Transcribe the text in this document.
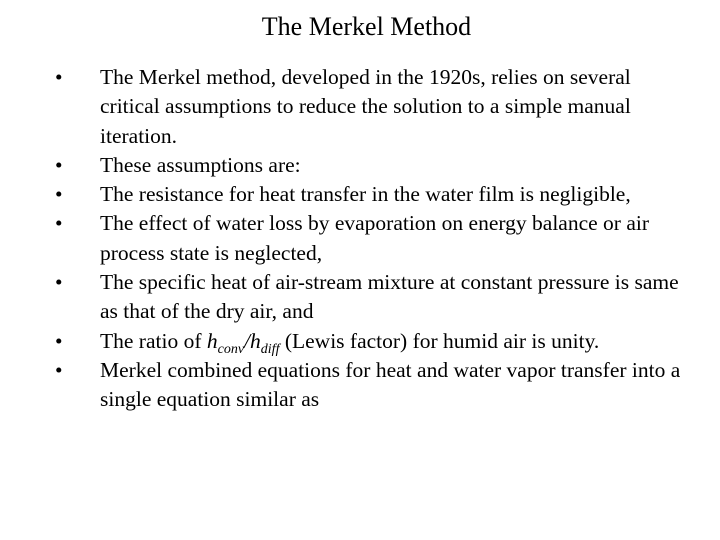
The Merkel Method
•	The Merkel method, developed in the 1920s, relies on several critical assumptions to reduce the solution to a simple manual iteration.
•	These assumptions are:
•	The resistance for heat transfer in the water film is negligible,
•	The effect of water loss by evaporation on energy balance or air process state is neglected,
•	The specific heat of air-stream mixture at constant pressure is same as that of the dry air, and
•	The ratio of $h_{conv}/h_{diff}$ (Lewis factor) for humid air is unity.
•	Merkel combined equations for heat and water vapor transfer into a single equation similar as
